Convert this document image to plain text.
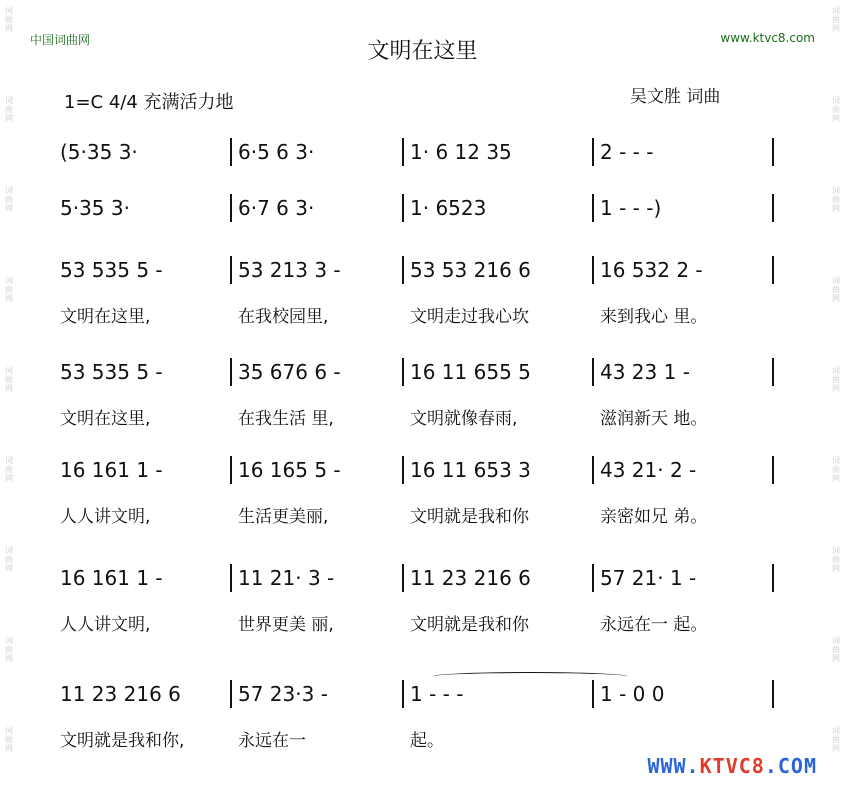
词
曲
网
词
曲
网
词
曲
网
词
曲
网
词
曲
网
词
曲
网
词
曲
网
词
曲
网
词
曲
网
词
曲
网
词
曲
网
词
曲
网
词
曲
网
词
曲
网
词
曲
网
词
曲
网
词
曲
网
词
曲
网
中国词曲网	www.ktvc8.com
文明在这里
1=C 4/4 充满活力地	吴文胜 词曲
(5·35 3·	6·5 6 3·	1· 6 12 35	2 - - -
5·35 3·	6·7 6 3·	1· 6523	1 - - -)
53 535 5 -	53 213 3 -	53 53 216 6	16 532 2 -
文明在这里,	在我校园里,	文明走过我心坎	来到我心 里。
53 535 5 -	35 676 6 -	16 11 655 5	43 23 1 -
文明在这里,	在我生活 里,	文明就像春雨,	滋润新天 地。
16 161 1 -	16 165 5 -	16 11 653 3	43 21· 2 -
人人讲文明,	生活更美丽,	文明就是我和你	亲密如兄 弟。
16 161 1 -	11 21· 3 -	11 23 216 6	57 21· 1 -
人人讲文明,	世界更美 丽,	文明就是我和你	永远在一 起。
11 23 216 6	57 23·3 -	1 - - -	1 - 0 0
文明就是我和你,	永远在一	起。
WWW.KTVC8.COM
